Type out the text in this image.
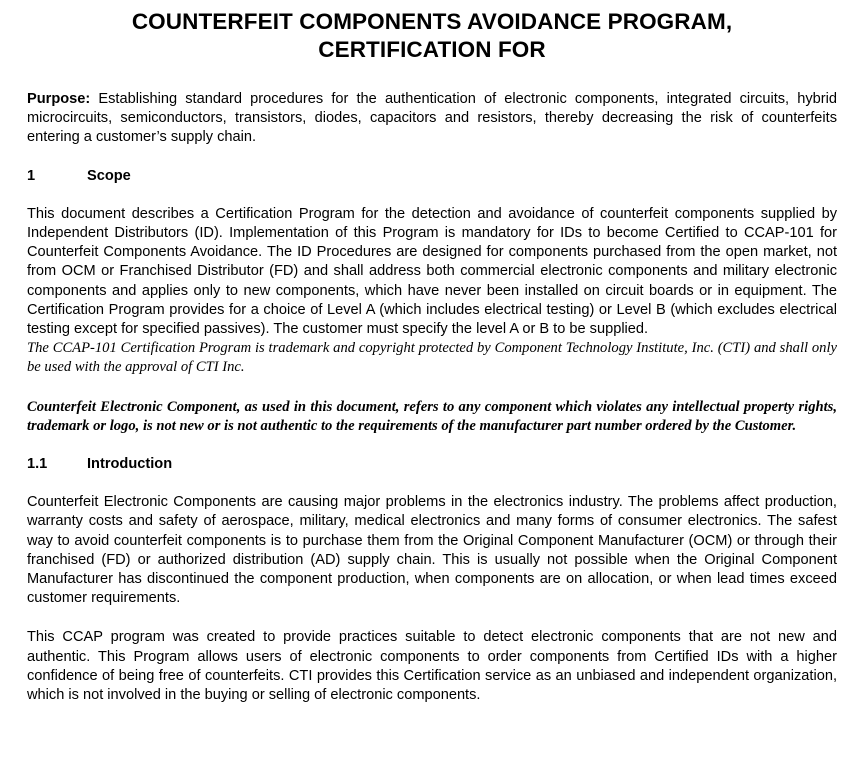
COUNTERFEIT COMPONENTS AVOIDANCE PROGRAM,
CERTIFICATION FOR

Purpose: Establishing standard procedures for the authentication of electronic components, integrated circuits, hybrid microcircuits, semiconductors, transistors, diodes, capacitors and resistors, thereby decreasing the risk of counterfeits entering a customer’s supply chain.

1	Scope

This document describes a Certification Program for the detection and avoidance of counterfeit components supplied by Independent Distributors (ID). Implementation of this Program is mandatory for IDs to become Certified to CCAP-101 for Counterfeit Components Avoidance. The ID Procedures are designed for components purchased from the open market, not from OCM or Franchised Distributor (FD) and shall address both commercial electronic components and military electronic components and applies only to new components, which have never been installed on circuit boards or in equipment. The Certification Program provides for a choice of Level A (which includes electrical testing) or Level B (which excludes electrical testing except for specified passives). The customer must specify the level A or B to be supplied.

The CCAP-101 Certification Program is trademark and copyright protected by Component Technology Institute, Inc. (CTI) and shall only be used with the approval of CTI Inc.

Counterfeit Electronic Component, as used in this document, refers to any component which violates any intellectual property rights, trademark or logo, is not new or is not authentic to the requirements of the manufacturer part number ordered by the Customer.

1.1	Introduction

Counterfeit Electronic Components are causing major problems in the electronics industry. The problems affect production, warranty costs and safety of aerospace, military, medical electronics and many forms of consumer electronics. The safest way to avoid counterfeit components is to purchase them from the Original Component Manufacturer (OCM) or through their franchised (FD) or authorized distribution (AD) supply chain. This is usually not possible when the Original Component Manufacturer has discontinued the component production, when components are on allocation, or when lead times exceed customer requirements.

This CCAP program was created to provide practices suitable to detect electronic components that are not new and authentic. This Program allows users of electronic components to order components from Certified IDs with a higher confidence of being free of counterfeits. CTI provides this Certification service as an unbiased and independent organization, which is not involved in the buying or selling of electronic components.
